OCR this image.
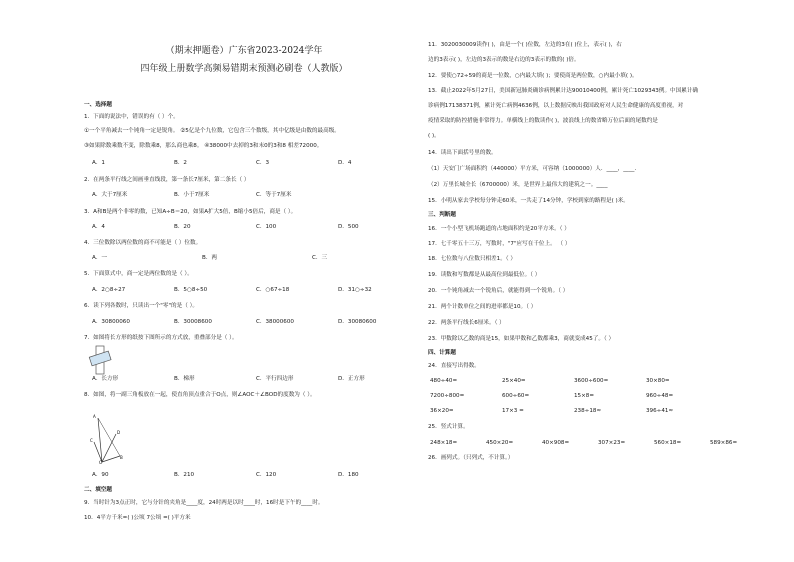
（期末押题卷）广东省2023-2024学年
四年级上册数学高频易错期末预测必刷卷（人教版）
一、选择题
1．下面的说法中，错误的有（ ）个。
①一个平角减去一个钝角一定是锐角。 ②5亿是个九位数，它包含三个数级，其中亿级是由数的最高级。
③如果除数乘数不变，除数乘8，那么商也乘8。 ④38000中去掉的3和末0的3和8 相差72000。
A．1	B．2	C．3	D．4
2．在两条平行线之间画垂直线段，第一条长7厘米，第二条长（ ）
A．大于7厘米	B．小于7厘米	C．等于7厘米
3．A和B是两个非零的数，已知A÷B＝20，如果A扩大5倍，B缩小5倍后，商是（ ）。
A．4	B．20	C．100	D．500
4．三位数除以两位数的商不可能是（ ）位数。
A．一	B．两	C．三
5．下面算式中，商一定是两位数的是（ ）。
A．2○8÷27	B．5○8÷50	C．○67÷18	D．31○÷32
6．读下列各数时，只读出一个"零"的是（ ）。
A．30800060	B．30008600	C．38000600	D．30080600
7．如图将长方形的纸按下图所示的方式放，重叠部分是（ ）。
A．长方形	B．梯形	C．平行四边形	D．正方形
8．如图，将一副三角板放在一起，使直角顶点重合于O点，则∠AOC＋∠BOD的度数为（ ）。
A
C
O
D
B
A．90	B．210	C．120	D．180
二、填空题
9．当时针为3点正时，它与分针的夹角是____度，24时两是以时____时，16时是下午的____时。
10．4平方千米=( )公顷 7公顷 =( )平方米
11．3020030009读作( )，由是一个( )位数，左边的3在( )位上，表示( )，右
边的3表示( )，左边的3表示的数是右边的3表示的数的( )倍。
12．要使○72÷59的商是一位数，○内最大填( )；要使商是两位数，○内最小填( )。
13．截止2022年5月27日，美国新冠肺炎确诊病例累计达90010400例，累计死亡1029343例。中国累计确
诊病例17138371例，累计死亡病例4636例，以上数据反映出我国政府对人民生命健康的高度重视，对
疫情采取的防控措施非常得力。单横线上的数读作( )，波浪线上的数省略万位后面的尾数约是
( )。
14．读出下面括号里的数。
（1）天安门广场面积约（440000）平方米，可容纳（1000000）人．____，____．
（2）万里长城全长（6700000）米，是世界上最伟大的建筑之一。____
15．小明从家去学校每分钟走60米，一共走了14分钟，学校到家的路程是( )米。
三、判断题
16．一个小型飞机场跑道的占地面积约是20平方米。（ ）
17．七千零五十三万，写数时，"7"应写在千位上。 （ ）
18．七位数与八位数只相差1。（ ）
19．读数和写数都是从最高位到最低位。（ ）
20．一个钝角减去一个锐角后，就能得到一个锐角。（ ）
21．两个计数单位之间的进率都是10。（ ）
22．两条平行线长6厘米。（ ）
23．甲数除以乙数的商是15，如果甲数和乙数都乘3，商就变成45了。（ ）
四、计算题
24．直接写出得数。
480÷40=	25×40=	3600÷600=	30×80=
7200÷800=	600÷60=	15×8=	960÷48=
36×20=	17×3 =	238÷18≈	396÷41≈
25．竖式计算。
248×18=	450×20=	40×908=	307×23=	560×18=	589×86=
26．画列式。（只列式，不计算。）
